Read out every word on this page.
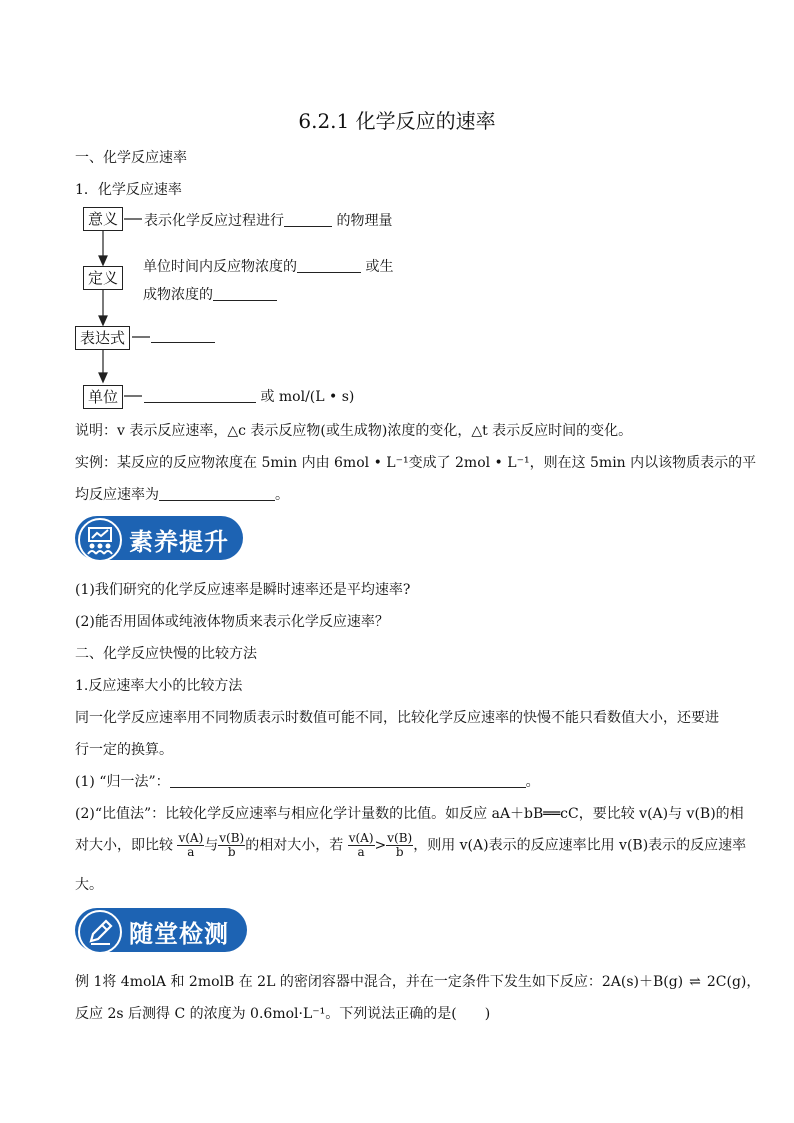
6.2.1 化学反应的速率
一、化学反应速率
1．化学反应速率
意义	表示化学反应过程进行	的物理量
定义
单位时间内反应物浓度的	或生
成物浓度的
表达式
单位	或 mol/(L • s)
说明：v 表示反应速率，△c 表示反应物(或生成物)浓度的变化，△t 表示反应时间的变化。
实例：某反应的反应物浓度在 5min 内由 6mol • L⁻¹变成了 2mol • L⁻¹，则在这 5min 内以该物质表示的平
均反应速率为	。
素养提升
(1)我们研究的化学反应速率是瞬时速率还是平均速率?
(2)能否用固体或纯液体物质来表示化学反应速率？
二、化学反应快慢的比较方法
1.反应速率大小的比较方法
同一化学反应速率用不同物质表示时数值可能不同，比较化学反应速率的快慢不能只看数值大小，还要进
行一定的换算。
(1) “归一法”：	。
(2)“比值法”：比较化学反应速率与相应化学计量数的比值。如反应 aA＋bB══cC，要比较 v(A)与 v(B)的相
对大小，即比较 $\frac{v(A)}{a}$ 与 $\frac{v(B)}{b}$ 的相对大小，若 $\frac{v(A)}{a} > \frac{v(B)}{b}$ ，则用 v(A)表示的反应速率比用 v(B)表示的反应速率
大。
随堂检测
例 1将 4molA 和 2molB 在 2L 的密闭容器中混合，并在一定条件下发生如下反应：2A(s)＋B(g) ⇌ 2C(g)，
反应 2s 后测得 C 的浓度为 0.6mol·L⁻¹。下列说法正确的是(　　)
